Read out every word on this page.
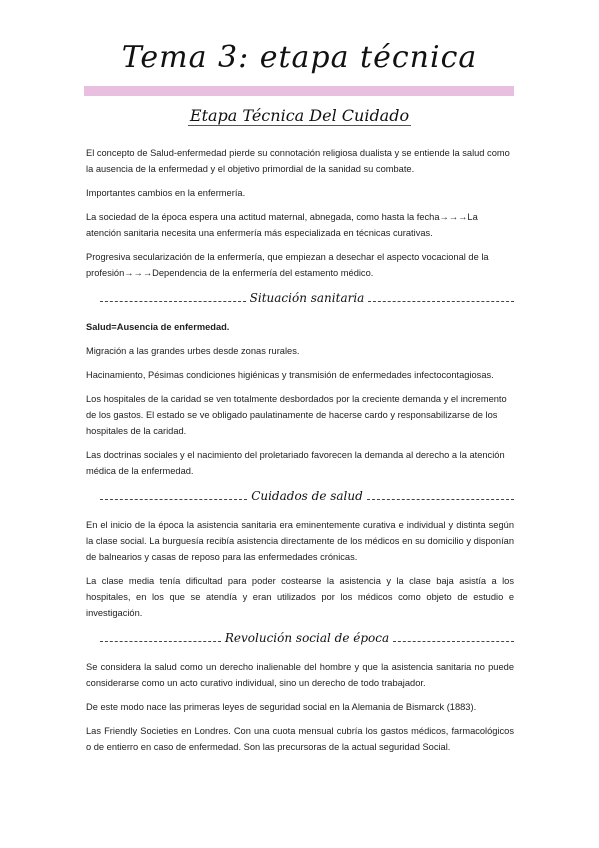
Tema 3: etapa técnica
Etapa Técnica Del Cuidado

El concepto de Salud-enfermedad pierde su connotación religiosa dualista y se entiende la salud como la ausencia de la enfermedad y el objetivo primordial de la sanidad su combate.

Importantes cambios en la enfermería.

La sociedad de la época espera una actitud maternal, abnegada, como hasta la fecha→→→La atención sanitaria necesita una enfermería más especializada en técnicas curativas.

Progresiva secularización de la enfermería, que empiezan a desechar el aspecto vocacional de la profesión→→→Dependencia de la enfermería del estamento médico.

Situación sanitaria

Salud=Ausencia de enfermedad.

Migración a las grandes urbes desde zonas rurales.

Hacinamiento, Pésimas condiciones higiénicas y transmisión de enfermedades infectocontagiosas.

Los hospitales de la caridad se ven totalmente desbordados por la creciente demanda y el incremento de los gastos. El estado se ve obligado paulatinamente de hacerse cardo y responsabilizarse de los hospitales de la caridad.

Las doctrinas sociales y el nacimiento del proletariado favorecen la demanda al derecho a la atención médica de la enfermedad.

Cuidados de salud

En el inicio de la época la asistencia sanitaria era eminentemente curativa e individual y distinta según la clase social. La burguesía recibía asistencia directamente de los médicos en su domicilio y disponían de balnearios y casas de reposo para las enfermedades crónicas.

La clase media tenía dificultad para poder costearse la asistencia y la clase baja asistía a los hospitales, en los que se atendía y eran utilizados por los médicos como objeto de estudio e investigación.

Revolución social de época

Se considera la salud como un derecho inalienable del hombre y que la asistencia sanitaria no puede considerarse como un acto curativo individual, sino un derecho de todo trabajador.

De este modo nace las primeras leyes de seguridad social en la Alemania de Bismarck (1883).

Las Friendly Societies en Londres. Con una cuota mensual cubría los gastos médicos, farmacológicos o de entierro en caso de enfermedad. Son las precursoras de la actual seguridad Social.
